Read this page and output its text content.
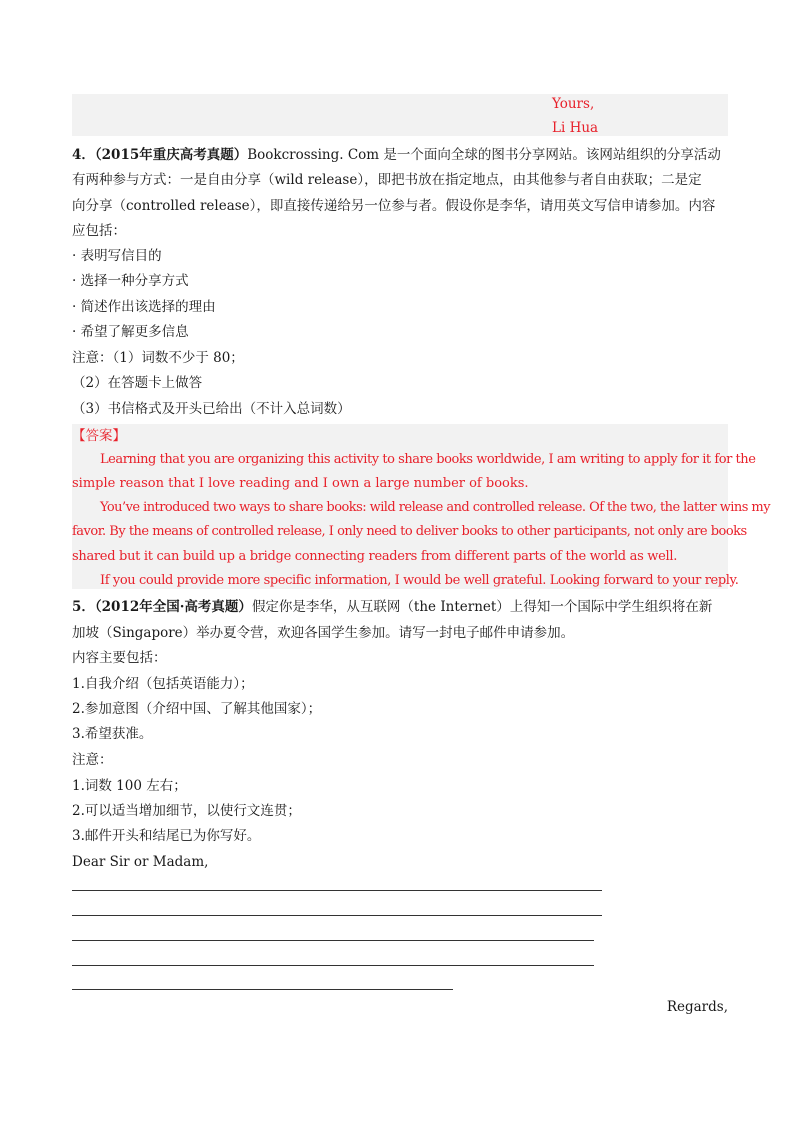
Yours,
Li Hua
4．（2015年重庆高考真题）Bookcrossing. Com 是一个面向全球的图书分享网站。该网站组织的分享活动
有两种参与方式：一是自由分享（wild release），即把书放在指定地点，由其他参与者自由获取；二是定
向分享（controlled release），即直接传递给另一位参与者。假设你是李华，请用英文写信申请参加。内容
应包括：
· 表明写信目的
· 选择一种分享方式
· 简述作出该选择的理由
· 希望了解更多信息
注意：（1）词数不少于 80；
（2）在答题卡上做答
（3）书信格式及开头已给出（不计入总词数）
【答案】
Learning that you are organizing this activity to share books worldwide, I am writing to apply for it for the
simple reason that I love reading and I own a large number of books.
You’ve introduced two ways to share books: wild release and controlled release. Of the two, the latter wins my
favor. By the means of controlled release, I only need to deliver books to other participants, not only are books
shared but it can build up a bridge connecting readers from different parts of the world as well.
If you could provide more specific information, I would be well grateful. Looking forward to your reply.
5．（2012年全国·高考真题）假定你是李华，从互联网（the Internet）上得知一个国际中学生组织将在新
加坡（Singapore）举办夏令营，欢迎各国学生参加。请写一封电子邮件申请参加。
内容主要包括：
1.自我介绍（包括英语能力）；
2.参加意图（介绍中国、了解其他国家）；
3.希望获准。
注意：
1.词数 100 左右；
2.可以适当增加细节，以使行文连贯；
3.邮件开头和结尾已为你写好。
Dear Sir or Madam,
Regards,
